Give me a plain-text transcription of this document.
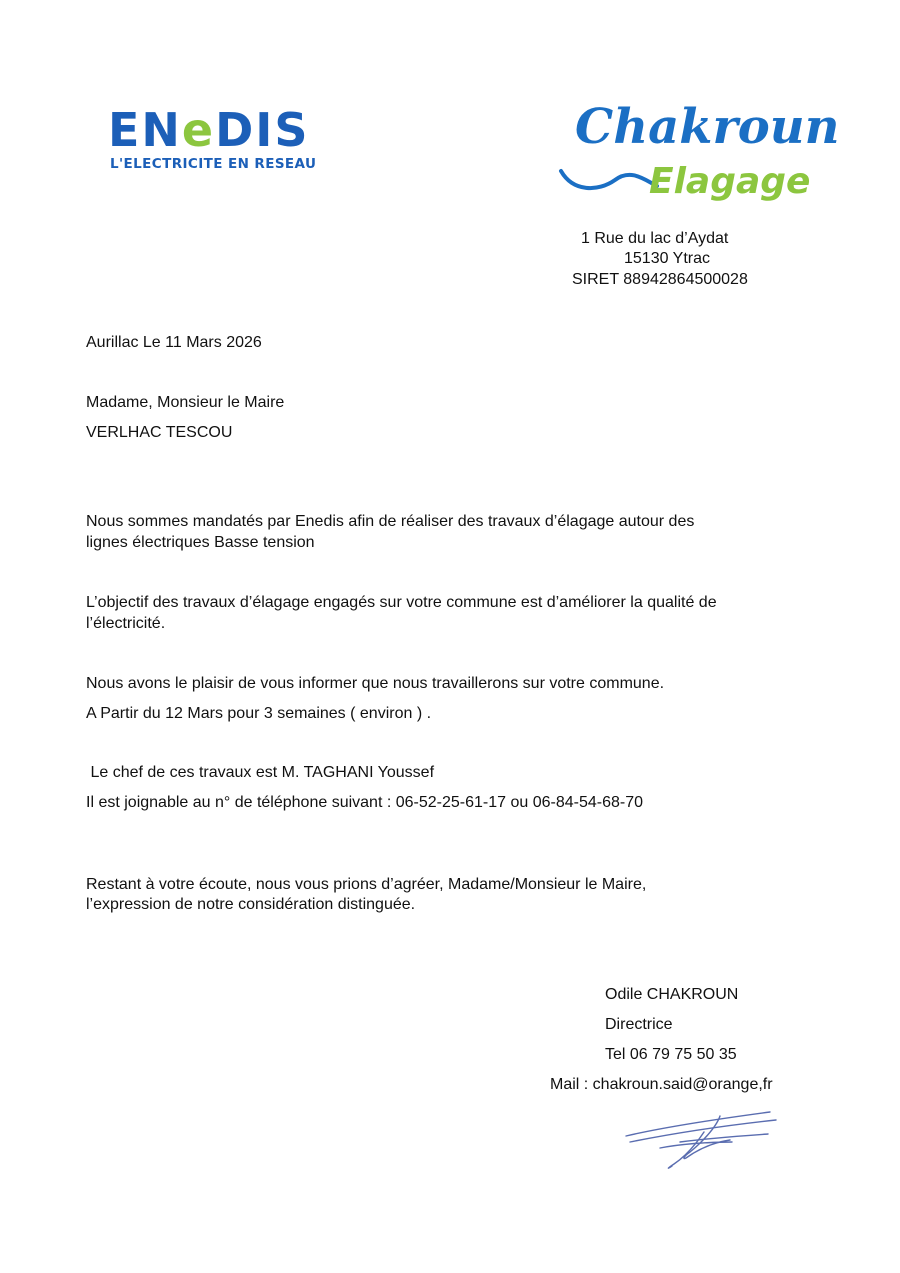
ENeDIS
L'ELECTRICITE EN RESEAU
Chakroun
Elagage
1 Rue du lac d’Aydat
15130 Ytrac
SIRET 88942864500028
Aurillac Le 11 Mars 2026
Madame, Monsieur le Maire
VERLHAC TESCOU
Nous sommes mandatés par Enedis afin de réaliser des travaux d’élagage autour des
lignes électriques Basse tension
L’objectif des travaux d’élagage engagés sur votre commune est d’améliorer la qualité de
l’électricité.
Nous avons le plaisir de vous informer que nous travaillerons sur votre commune.
A Partir du 12 Mars pour 3 semaines ( environ ) .
Le chef de ces travaux est M. TAGHANI Youssef
Il est joignable au n° de téléphone suivant : 06-52-25-61-17 ou 06-84-54-68-70
Restant à votre écoute, nous vous prions d’agréer, Madame/Monsieur le Maire,
l’expression de notre considération distinguée.
Odile CHAKROUN
Directrice
Tel 06 79 75 50 35
Mail : chakroun.said@orange,fr
